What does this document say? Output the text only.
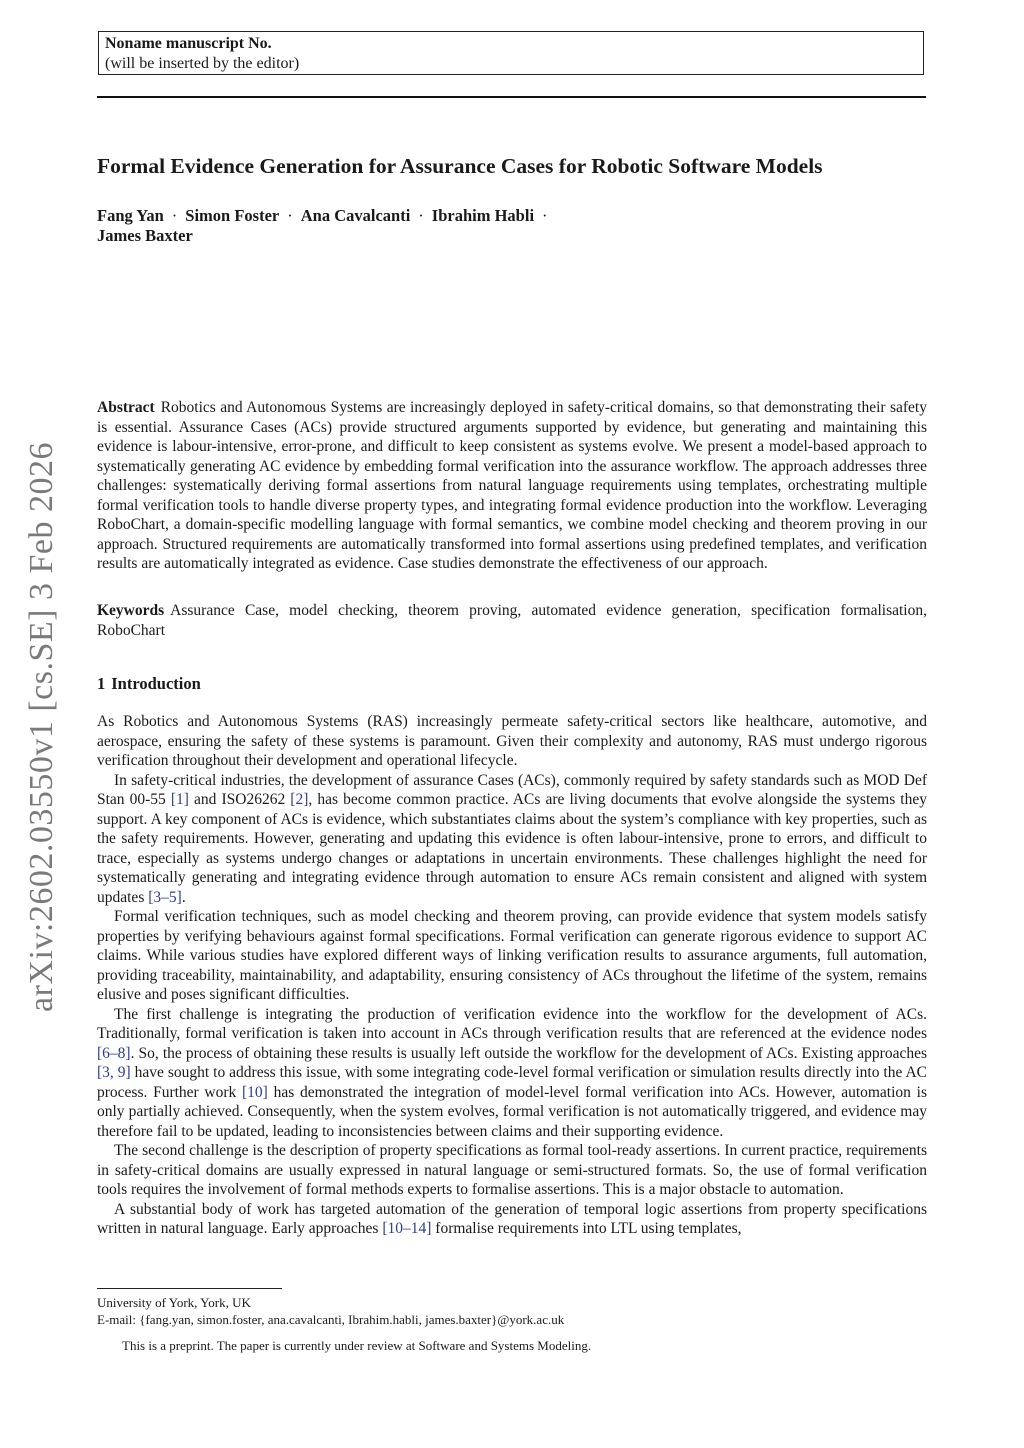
Noname manuscript No.
(will be inserted by the editor)
Formal Evidence Generation for Assurance Cases for Robotic Software Models
Fang Yan · Simon Foster · Ana Cavalcanti · Ibrahim Habli ·
James Baxter
arXiv:2602.03550v1 [cs.SE] 3 Feb 2026
Abstract Robotics and Autonomous Systems are increasingly deployed in safety-critical domains, so that demonstrating their safety is essential. Assurance Cases (ACs) provide structured arguments supported by evidence, but generating and maintaining this evidence is labour-intensive, error-prone, and difficult to keep consistent as systems evolve. We present a model-based approach to systematically generating AC evidence by embedding formal verification into the assurance workflow. The approach addresses three challenges: systematically deriving formal assertions from natural language requirements using templates, orchestrating multiple formal verification tools to handle diverse property types, and integrating formal evidence production into the workflow. Leveraging RoboChart, a domain-specific modelling language with formal semantics, we combine model checking and theorem proving in our approach. Structured requirements are automatically transformed into formal assertions using predefined templates, and verification results are automatically integrated as evidence. Case studies demonstrate the effectiveness of our approach.
Keywords Assurance Case, model checking, theorem proving, automated evidence generation, specification formalisation, RoboChart
1 Introduction

As Robotics and Autonomous Systems (RAS) increasingly permeate safety-critical sectors like healthcare, automotive, and aerospace, ensuring the safety of these systems is paramount. Given their complexity and autonomy, RAS must undergo rigorous verification throughout their development and operational lifecycle.

In safety-critical industries, the development of assurance Cases (ACs), commonly required by safety standards such as MOD Def Stan 00-55 [1] and ISO26262 [2], has become common practice. ACs are living documents that evolve alongside the systems they support. A key component of ACs is evidence, which substantiates claims about the system’s compliance with key properties, such as the safety requirements. However, generating and updating this evidence is often labour-intensive, prone to errors, and difficult to trace, especially as systems undergo changes or adaptations in uncertain environments. These challenges highlight the need for systematically generating and integrating evidence through automation to ensure ACs remain consistent and aligned with system updates [3–5].

Formal verification techniques, such as model checking and theorem proving, can provide evidence that system models satisfy properties by verifying behaviours against formal specifications. Formal verification can generate rigorous evidence to support AC claims. While various studies have explored different ways of linking verification results to assurance arguments, full automation, providing traceability, maintainability, and adaptability, ensuring consistency of ACs throughout the lifetime of the system, remains elusive and poses significant difficulties.

The first challenge is integrating the production of verification evidence into the workflow for the development of ACs. Traditionally, formal verification is taken into account in ACs through verification results that are referenced at the evidence nodes [6–8]. So, the process of obtaining these results is usually left outside the workflow for the development of ACs. Existing approaches [3, 9] have sought to address this issue, with some integrating code-level formal verification or simulation results directly into the AC process. Further work [10] has demonstrated the integration of model-level formal verification into ACs. However, automation is only partially achieved. Consequently, when the system evolves, formal verification is not automatically triggered, and evidence may therefore fail to be updated, leading to inconsistencies between claims and their supporting evidence.

The second challenge is the description of property specifications as formal tool-ready assertions. In current practice, requirements in safety-critical domains are usually expressed in natural language or semi-structured formats. So, the use of formal verification tools requires the involvement of formal methods experts to formalise assertions. This is a major obstacle to automation.

A substantial body of work has targeted automation of the generation of temporal logic assertions from property specifications written in natural language. Early approaches [10–14] formalise requirements into LTL using templates,

University of York, York, UK
E-mail: {fang.yan, simon.foster, ana.cavalcanti, Ibrahim.habli, james.baxter}@york.ac.uk
This is a preprint. The paper is currently under review at Software and Systems Modeling.
